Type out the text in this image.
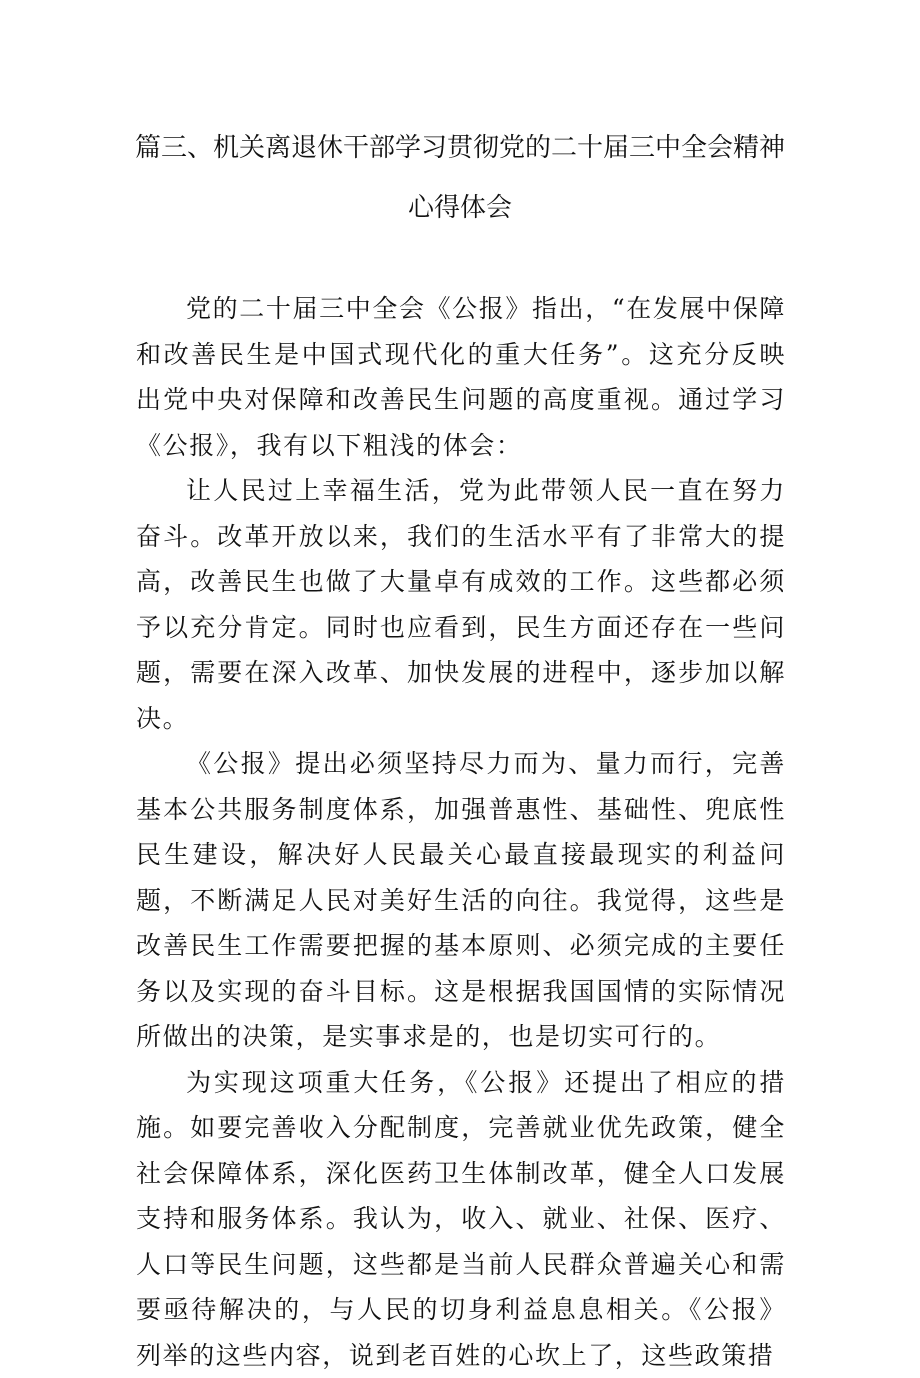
篇三、机关离退休干部学习贯彻党的二十届三中全会精神
心得体会

党的二十届三中全会《公报》指出，“在发展中保障和改善民生是中国式现代化的重大任务”。这充分反映出党中央对保障和改善民生问题的高度重视。通过学习《公报》，我有以下粗浅的体会：

让人民过上幸福生活，党为此带领人民一直在努力奋斗。改革开放以来，我们的生活水平有了非常大的提高，改善民生也做了大量卓有成效的工作。这些都必须予以充分肯定。同时也应看到，民生方面还存在一些问题，需要在深入改革、加快发展的进程中，逐步加以解决。

《公报》提出必须坚持尽力而为、量力而行，完善基本公共服务制度体系，加强普惠性、基础性、兜底性民生建设，解决好人民最关心最直接最现实的利益问题，不断满足人民对美好生活的向往。我觉得，这些是改善民生工作需要把握的基本原则、必须完成的主要任务以及实现的奋斗目标。这是根据我国国情的实际情况所做出的决策，是实事求是的，也是切实可行的。

为实现这项重大任务，《公报》还提出了相应的措施。如要完善收入分配制度，完善就业优先政策，健全社会保障体系，深化医药卫生体制改革，健全人口发展支持和服务体系。我认为，收入、就业、社保、医疗、人口等民生问题，这些都是当前人民群众普遍关心和需要亟待解决的，与人民的切身利益息息相关。《公报》列举的这些内容，说到老百姓的心坎上了，这些政策措
